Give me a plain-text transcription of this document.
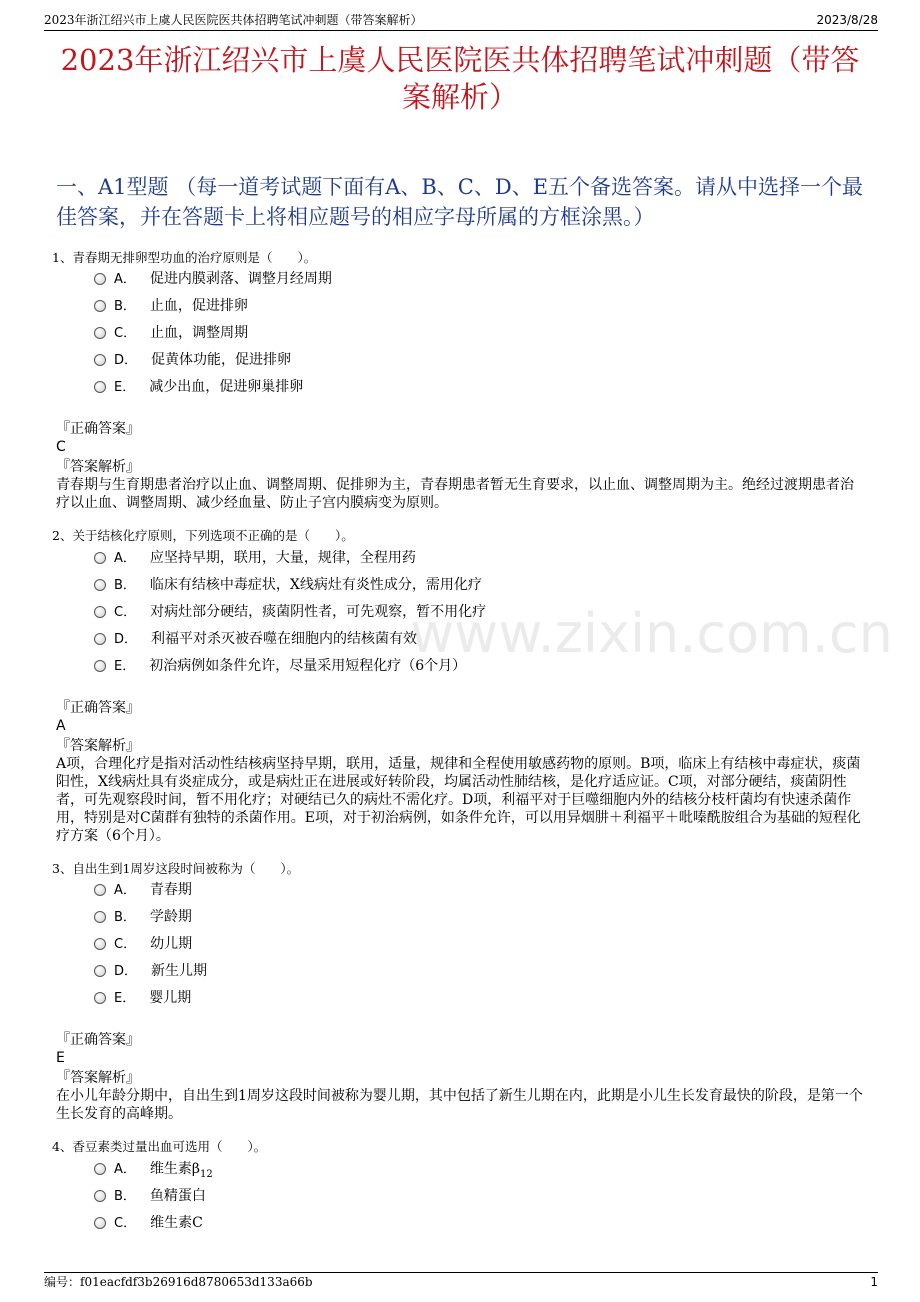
2023年浙江绍兴市上虞人民医院医共体招聘笔试冲刺题（带答案解析）	2023/8/28
2023年浙江绍兴市上虞人民医院医共体招聘笔试冲刺题（带答案解析）
一、A1型题 （每一道考试题下面有A、B、C、D、E五个备选答案。请从中选择一个最佳答案，并在答题卡上将相应题号的相应字母所属的方框涂黑。）
www.zixin.com.cn
1、青春期无排卵型功血的治疗原则是（　　）。
A． 促进内膜剥落、调整月经周期
B． 止血，促进排卵
C． 止血，调整周期
D． 促黄体功能，促进排卵
E． 减少出血，促进卵巢排卵
『正确答案』
C
『答案解析』
青春期与生育期患者治疗以止血、调整周期、促排卵为主，青春期患者暂无生育要求，以止血、调整周期为主。绝经过渡期患者治疗以止血、调整周期、减少经血量、防止子宫内膜病变为原则。
2、关于结核化疗原则，下列选项不正确的是（　　）。
A． 应坚持早期，联用，大量，规律，全程用药
B． 临床有结核中毒症状，X线病灶有炎性成分，需用化疗
C． 对病灶部分硬结，痰菌阴性者，可先观察，暂不用化疗
D． 利福平对杀灭被吞噬在细胞内的结核菌有效
E． 初治病例如条件允许，尽量采用短程化疗（6个月）
『正确答案』
A
『答案解析』
A项，合理化疗是指对活动性结核病坚持早期，联用，适量，规律和全程使用敏感药物的原则。B项，临床上有结核中毒症状，痰菌阳性，X线病灶具有炎症成分，或是病灶正在进展或好转阶段，均属活动性肺结核，是化疗适应证。C项，对部分硬结，痰菌阴性者，可先观察段时间，暂不用化疗；对硬结已久的病灶不需化疗。D项，利福平对于巨噬细胞内外的结核分枝杆菌均有快速杀菌作用，特别是对C菌群有独特的杀菌作用。E项，对于初治病例，如条件允许，可以用异烟肼＋利福平＋吡嗪酰胺组合为基础的短程化疗方案（6个月）。
3、自出生到1周岁这段时间被称为（　　）。
A． 青春期
B． 学龄期
C． 幼儿期
D． 新生儿期
E． 婴儿期
『正确答案』
E
『答案解析』
在小儿年龄分期中，自出生到1周岁这段时间被称为婴儿期，其中包括了新生儿期在内，此期是小儿生长发育最快的阶段，是第一个生长发育的高峰期。
4、香豆素类过量出血可选用（　　）。
A． 维生素$\beta_{12}$
B． 鱼精蛋白
C． 维生素C
编号：f01eacfdf3b26916d8780653d133a66b	1
